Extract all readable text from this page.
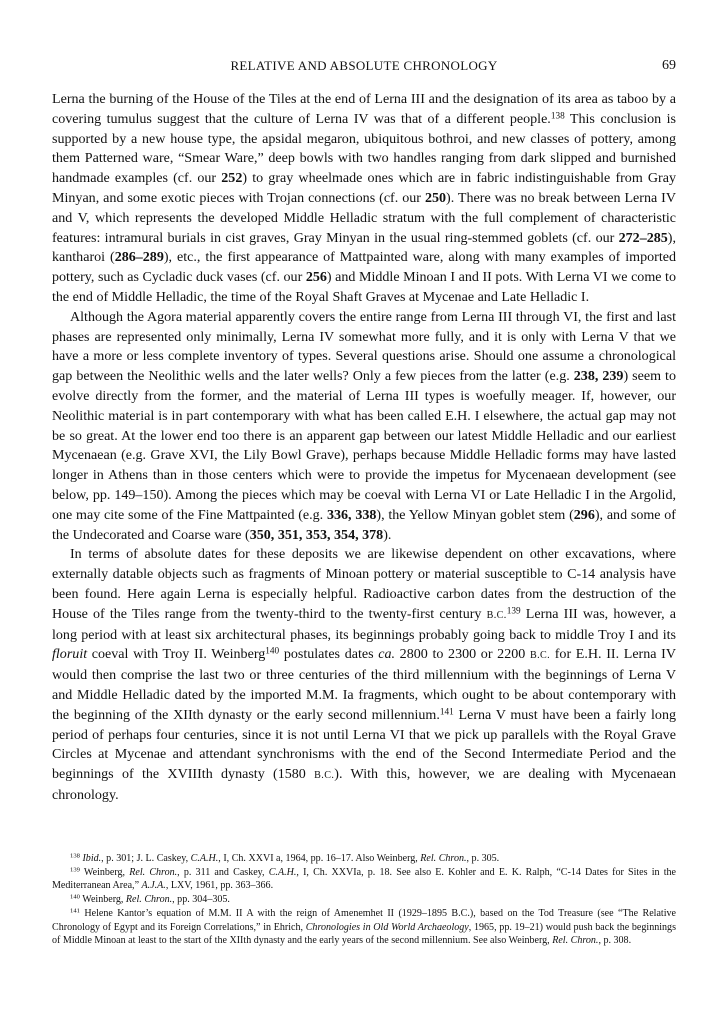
RELATIVE AND ABSOLUTE CHRONOLOGY	69

Lerna the burning of the House of the Tiles at the end of Lerna III and the designation of its area as taboo by a covering tumulus suggest that the culture of Lerna IV was that of a different people.$^{138}$ This conclusion is supported by a new house type, the apsidal megaron, ubiquitous bothroi, and new classes of pottery, among them Patterned ware, “Smear Ware,” deep bowls with two handles ranging from dark slipped and burnished handmade examples (cf. our 252) to gray wheelmade ones which are in fabric indistinguishable from Gray Minyan, and some exotic pieces with Trojan connections (cf. our 250). There was no break between Lerna IV and V, which represents the developed Middle Helladic stratum with the full complement of characteristic features: intramural burials in cist graves, Gray Minyan in the usual ring-stemmed goblets (cf. our 272–285), kantharoi (286–289), etc., the first appearance of Mattpainted ware, along with many examples of imported pottery, such as Cycladic duck vases (cf. our 256) and Middle Minoan I and II pots. With Lerna VI we come to the end of Middle Helladic, the time of the Royal Shaft Graves at Mycenae and Late Helladic I.

Although the Agora material apparently covers the entire range from Lerna III through VI, the first and last phases are represented only minimally, Lerna IV somewhat more fully, and it is only with Lerna V that we have a more or less complete inventory of types. Several questions arise. Should one assume a chronological gap between the Neolithic wells and the later wells? Only a few pieces from the latter (e.g. 238, 239) seem to evolve directly from the former, and the material of Lerna III types is woefully meager. If, however, our Neolithic material is in part contemporary with what has been called E.H. I elsewhere, the actual gap may not be so great. At the lower end too there is an apparent gap between our latest Middle Helladic and our earliest Mycenaean (e.g. Grave XVI, the Lily Bowl Grave), perhaps because Middle Helladic forms may have lasted longer in Athens than in those centers which were to provide the impetus for Mycenaean development (see below, pp. 149–150). Among the pieces which may be coeval with Lerna VI or Late Helladic I in the Argolid, one may cite some of the Fine Mattpainted (e.g. 336, 338), the Yellow Minyan goblet stem (296), and some of the Undecorated and Coarse ware (350, 351, 353, 354, 378).

In terms of absolute dates for these deposits we are likewise dependent on other excavations, where externally datable objects such as fragments of Minoan pottery or material susceptible to C-14 analysis have been found. Here again Lerna is especially helpful. Radioactive carbon dates from the destruction of the House of the Tiles range from the twenty-third to the twenty-first century B.C.$^{139}$ Lerna III was, however, a long period with at least six architectural phases, its beginnings probably going back to middle Troy I and its floruit coeval with Troy II. Weinberg$^{140}$ postulates dates ca. 2800 to 2300 or 2200 B.C. for E.H. II. Lerna IV would then comprise the last two or three centuries of the third millennium with the beginnings of Lerna V and Middle Helladic dated by the imported M.M. Ia fragments, which ought to be about contemporary with the beginning of the XIIth dynasty or the early second millennium.$^{141}$ Lerna V must have been a fairly long period of perhaps four centuries, since it is not until Lerna VI that we pick up parallels with the Royal Grave Circles at Mycenae and attendant synchronisms with the end of the Second Intermediate Period and the beginnings of the XVIIIth dynasty (1580 B.C.). With this, however, we are dealing with Mycenaean chronology.

$^{138}$ Ibid., p. 301; J. L. Caskey, C.A.H., I, Ch. XXVI a, 1964, pp. 16–17. Also Weinberg, Rel. Chron., p. 305.

$^{139}$ Weinberg, Rel. Chron., p. 311 and Caskey, C.A.H., I, Ch. XXVIa, p. 18. See also E. Kohler and E. K. Ralph, “C-14 Dates for Sites in the Mediterranean Area,” A.J.A., LXV, 1961, pp. 363–366.

$^{140}$ Weinberg, Rel. Chron., pp. 304–305.

$^{141}$ Helene Kantor’s equation of M.M. II A with the reign of Amenemhet II (1929–1895 B.C.), based on the Tod Treasure (see “The Relative Chronology of Egypt and its Foreign Correlations,” in Ehrich, Chronologies in Old World Archaeology, 1965, pp. 19–21) would push back the beginnings of Middle Minoan at least to the start of the XIIth dynasty and the early years of the second millennium. See also Weinberg, Rel. Chron., p. 308.
